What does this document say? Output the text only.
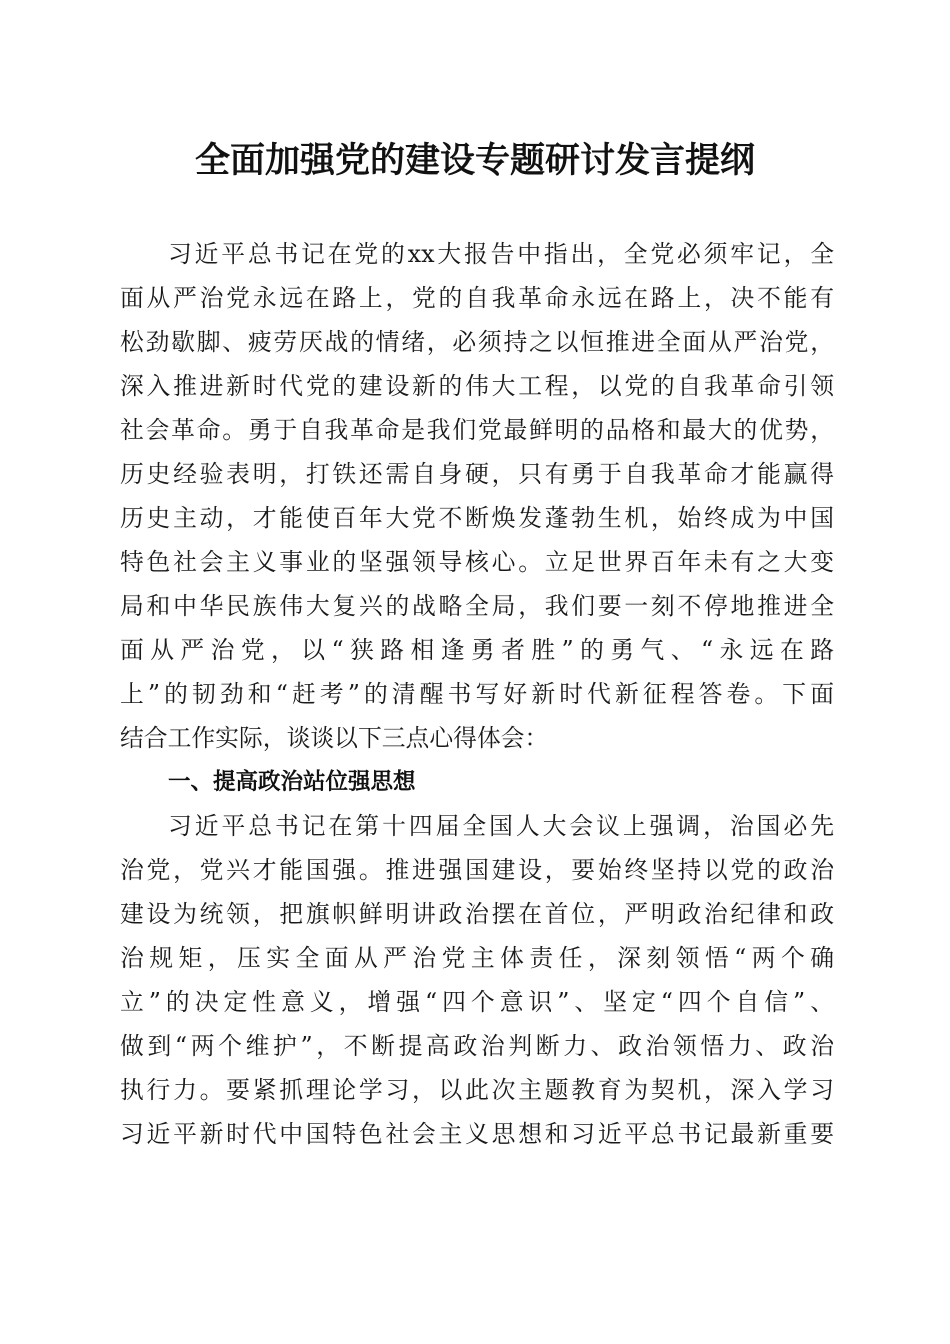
全面加强党的建设专题研讨发言提纲
习近平总书记在党的xx大报告中指出，全党必须牢记，全
面从严治党永远在路上，党的自我革命永远在路上，决不能有
松劲歇脚、疲劳厌战的情绪，必须持之以恒推进全面从严治党，
深入推进新时代党的建设新的伟大工程，以党的自我革命引领
社会革命。勇于自我革命是我们党最鲜明的品格和最大的优势，
历史经验表明，打铁还需自身硬，只有勇于自我革命才能赢得
历史主动，才能使百年大党不断焕发蓬勃生机，始终成为中国
特色社会主义事业的坚强领导核心。立足世界百年未有之大变
局和中华民族伟大复兴的战略全局，我们要一刻不停地推进全
面从严治党，以“狭路相逢勇者胜”的勇气、“永远在路
上”的韧劲和“赶考”的清醒书写好新时代新征程答卷。下面
结合工作实际，谈谈以下三点心得体会：
一、提高政治站位强思想
习近平总书记在第十四届全国人大会议上强调，治国必先
治党，党兴才能国强。推进强国建设，要始终坚持以党的政治
建设为统领，把旗帜鲜明讲政治摆在首位，严明政治纪律和政
治规矩，压实全面从严治党主体责任，深刻领悟“两个确
立”的决定性意义，增强“四个意识”、坚定“四个自信”、
做到“两个维护”，不断提高政治判断力、政治领悟力、政治
执行力。要紧抓理论学习，以此次主题教育为契机，深入学习
习近平新时代中国特色社会主义思想和习近平总书记最新重要
